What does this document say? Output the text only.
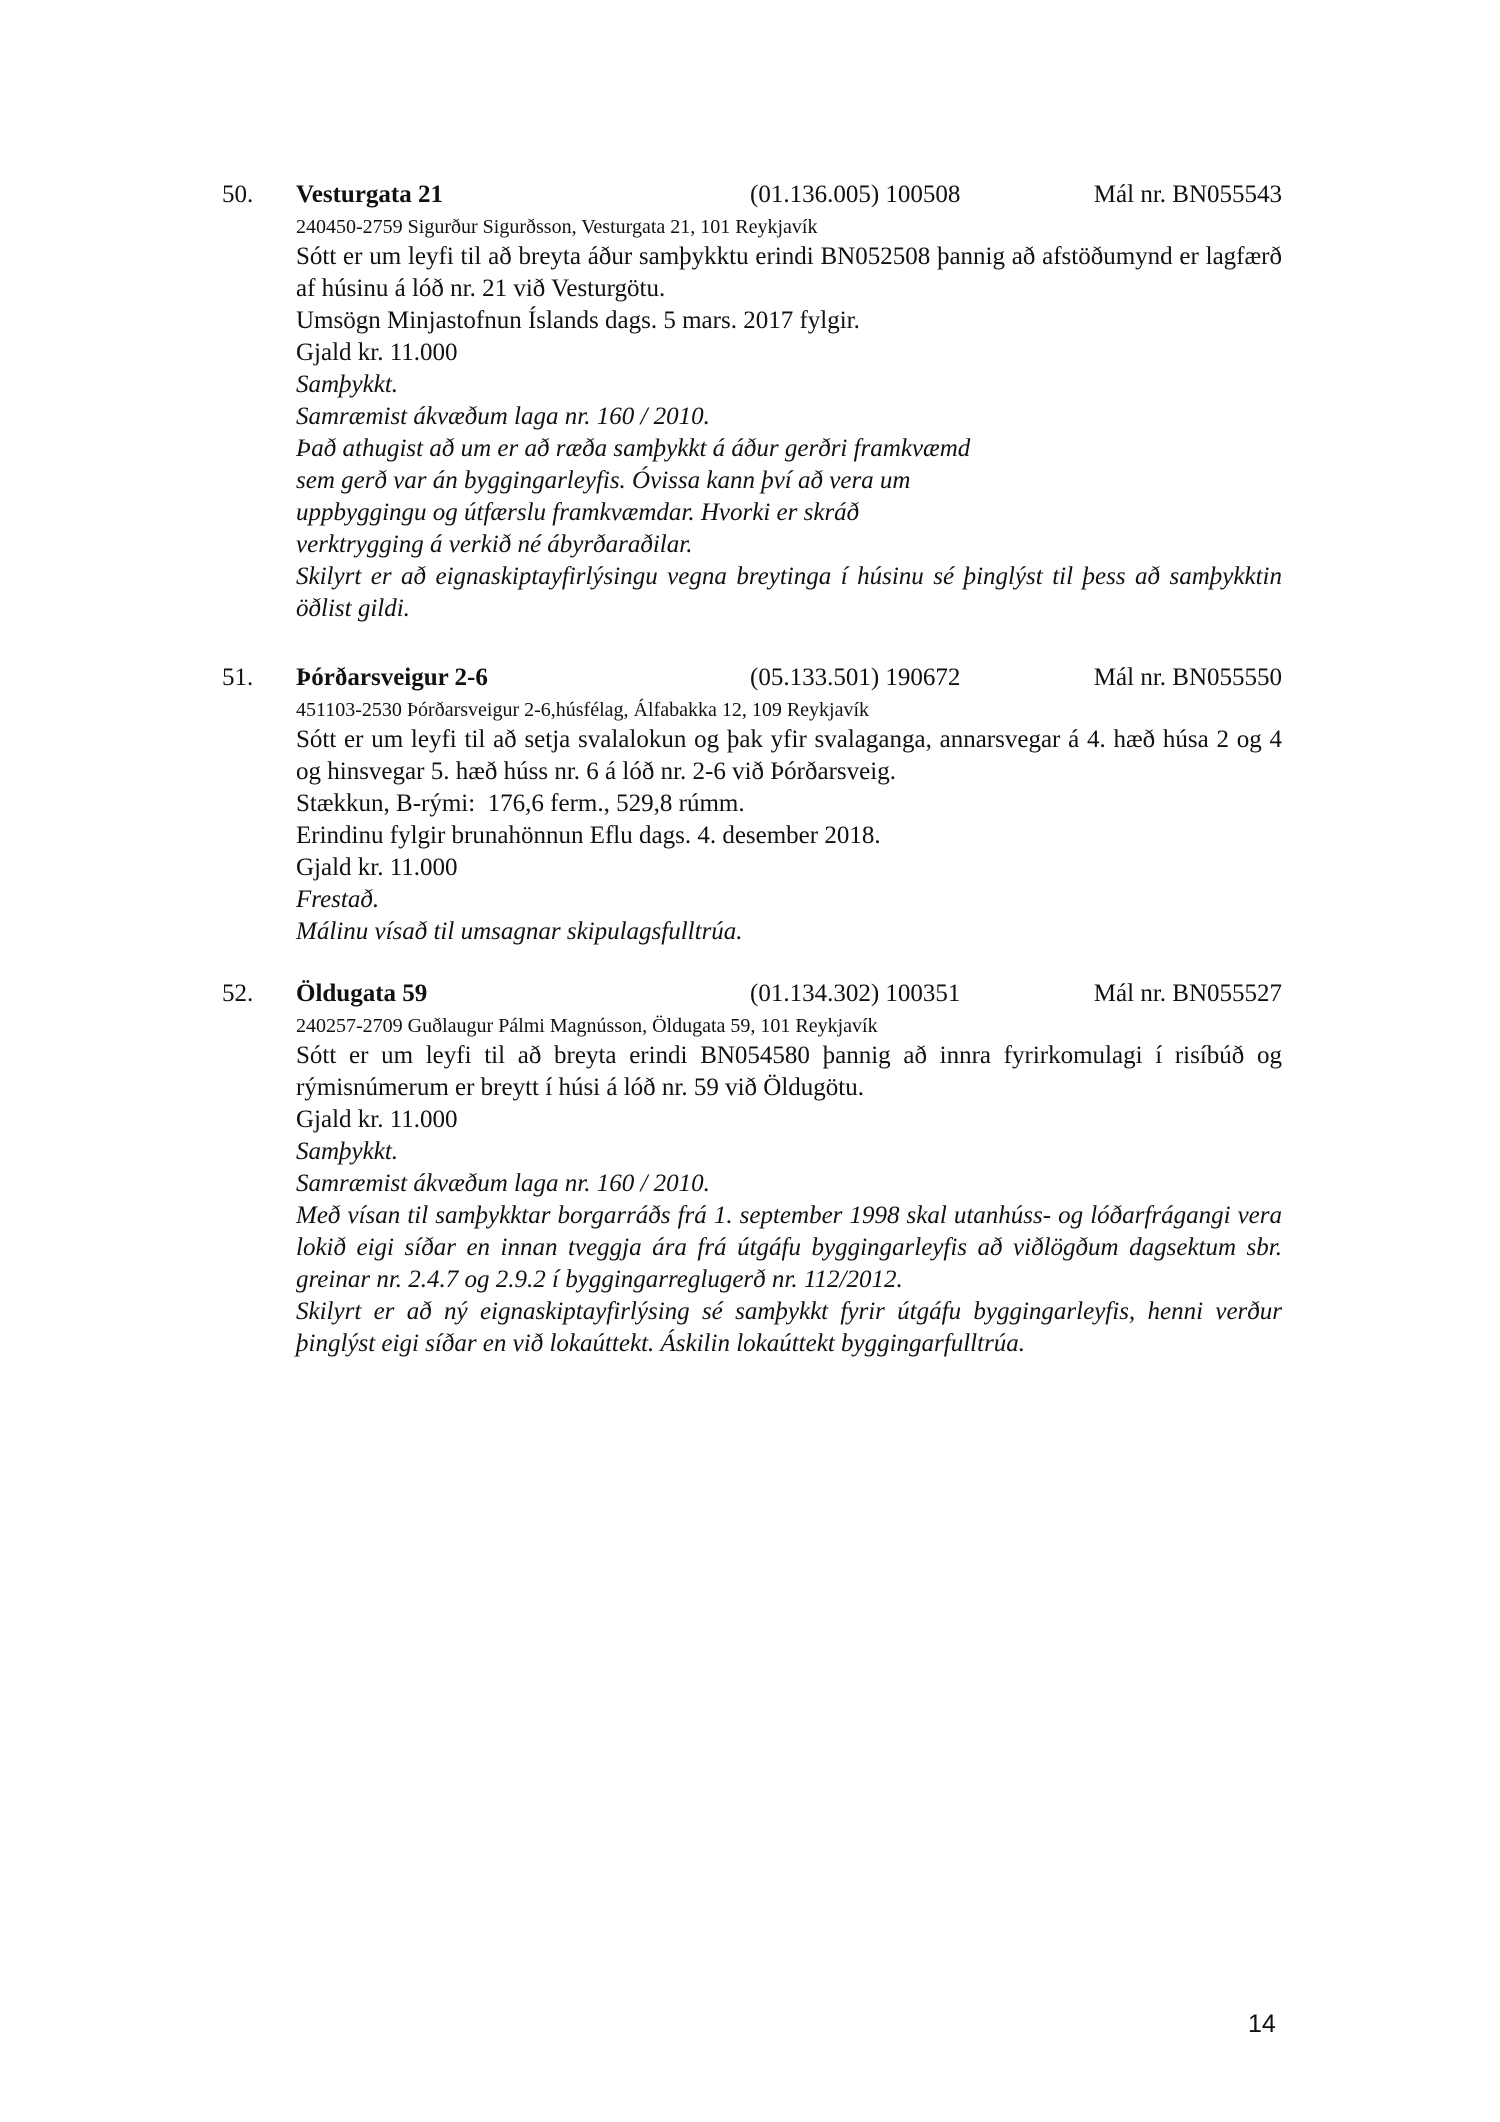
50. Vesturgata 21	(01.136.005) 100508	Mál nr. BN055543
240450-2759 Sigurður Sigurðsson, Vesturgata 21, 101 Reykjavík
Sótt er um leyfi til að breyta áður samþykktu erindi BN052508 þannig að afstöðumynd er lagfærð af húsinu á lóð nr. 21 við Vesturgötu.
Umsögn Minjastofnun Íslands dags. 5 mars. 2017 fylgir.
Gjald kr. 11.000
Samþykkt.
Samræmist ákvæðum laga nr. 160 / 2010.
Það athugist að um er að ræða samþykkt á áður gerðri framkvæmd
sem gerð var án byggingarleyfis. Óvissa kann því að vera um
uppbyggingu og útfærslu framkvæmdar. Hvorki er skráð
verktrygging á verkið né ábyrðaraðilar.
Skilyrt er að eignaskiptayfirlýsingu vegna breytinga í húsinu sé þinglýst til þess að samþykktin öðlist gildi.
51. Þórðarsveigur 2-6	(05.133.501) 190672	Mál nr. BN055550
451103-2530 Þórðarsveigur 2-6,húsfélag, Álfabakka 12, 109 Reykjavík
Sótt er um leyfi til að setja svalalokun og þak yfir svalaganga, annarsvegar á 4. hæð húsa 2 og 4 og hinsvegar 5. hæð húss nr. 6 á lóð nr. 2-6 við Þórðarsveig.
Stækkun, B-rými:  176,6 ferm., 529,8 rúmm.
Erindinu fylgir brunahönnun Eflu dags. 4. desember 2018.
Gjald kr. 11.000
Frestað.
Málinu vísað til umsagnar skipulagsfulltrúa.
52. Öldugata 59	(01.134.302) 100351	Mál nr. BN055527
240257-2709 Guðlaugur Pálmi Magnússon, Öldugata 59, 101 Reykjavík
Sótt er um leyfi til að breyta erindi BN054580 þannig að innra fyrirkomulagi í risíbúð og rýmisnúmerum er breytt í húsi á lóð nr. 59 við Öldugötu.
Gjald kr. 11.000
Samþykkt.
Samræmist ákvæðum laga nr. 160 / 2010.
Með vísan til samþykktar borgarráðs frá 1. september 1998 skal utanhúss- og lóðarfrágangi vera lokið eigi síðar en innan tveggja ára frá útgáfu byggingarleyfis að viðlögðum dagsektum sbr. greinar nr. 2.4.7 og 2.9.2 í byggingarreglugerð nr. 112/2012.
Skilyrt er að ný eignaskiptayfirlýsing sé samþykkt fyrir útgáfu byggingarleyfis, henni verður þinglýst eigi síðar en við lokaúttekt. Áskilin lokaúttekt byggingarfulltrúa.
14
